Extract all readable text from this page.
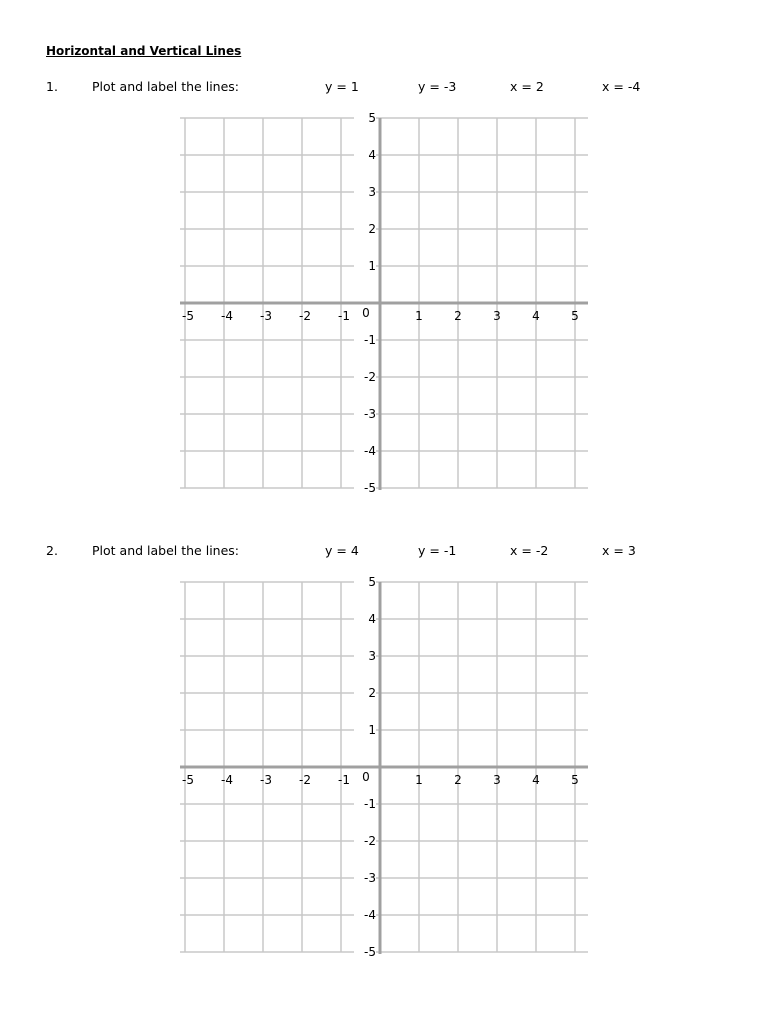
Horizontal and Vertical Lines
1.	Plot and label the lines:	y = 1	y = -3	x = 2	x = -4
-5 -4 -3 -2 -1	1	2	3	4	5
5
4
3
2
1
-1
-2
-3
-4
-5
0
2.	Plot and label the lines:	y = 4	y = -1	x = -2	x = 3
-5 -4 -3 -2 -1	1	2	3	4	5
5
4
3
2
1
-1
-2
-3
-4
-5
0
